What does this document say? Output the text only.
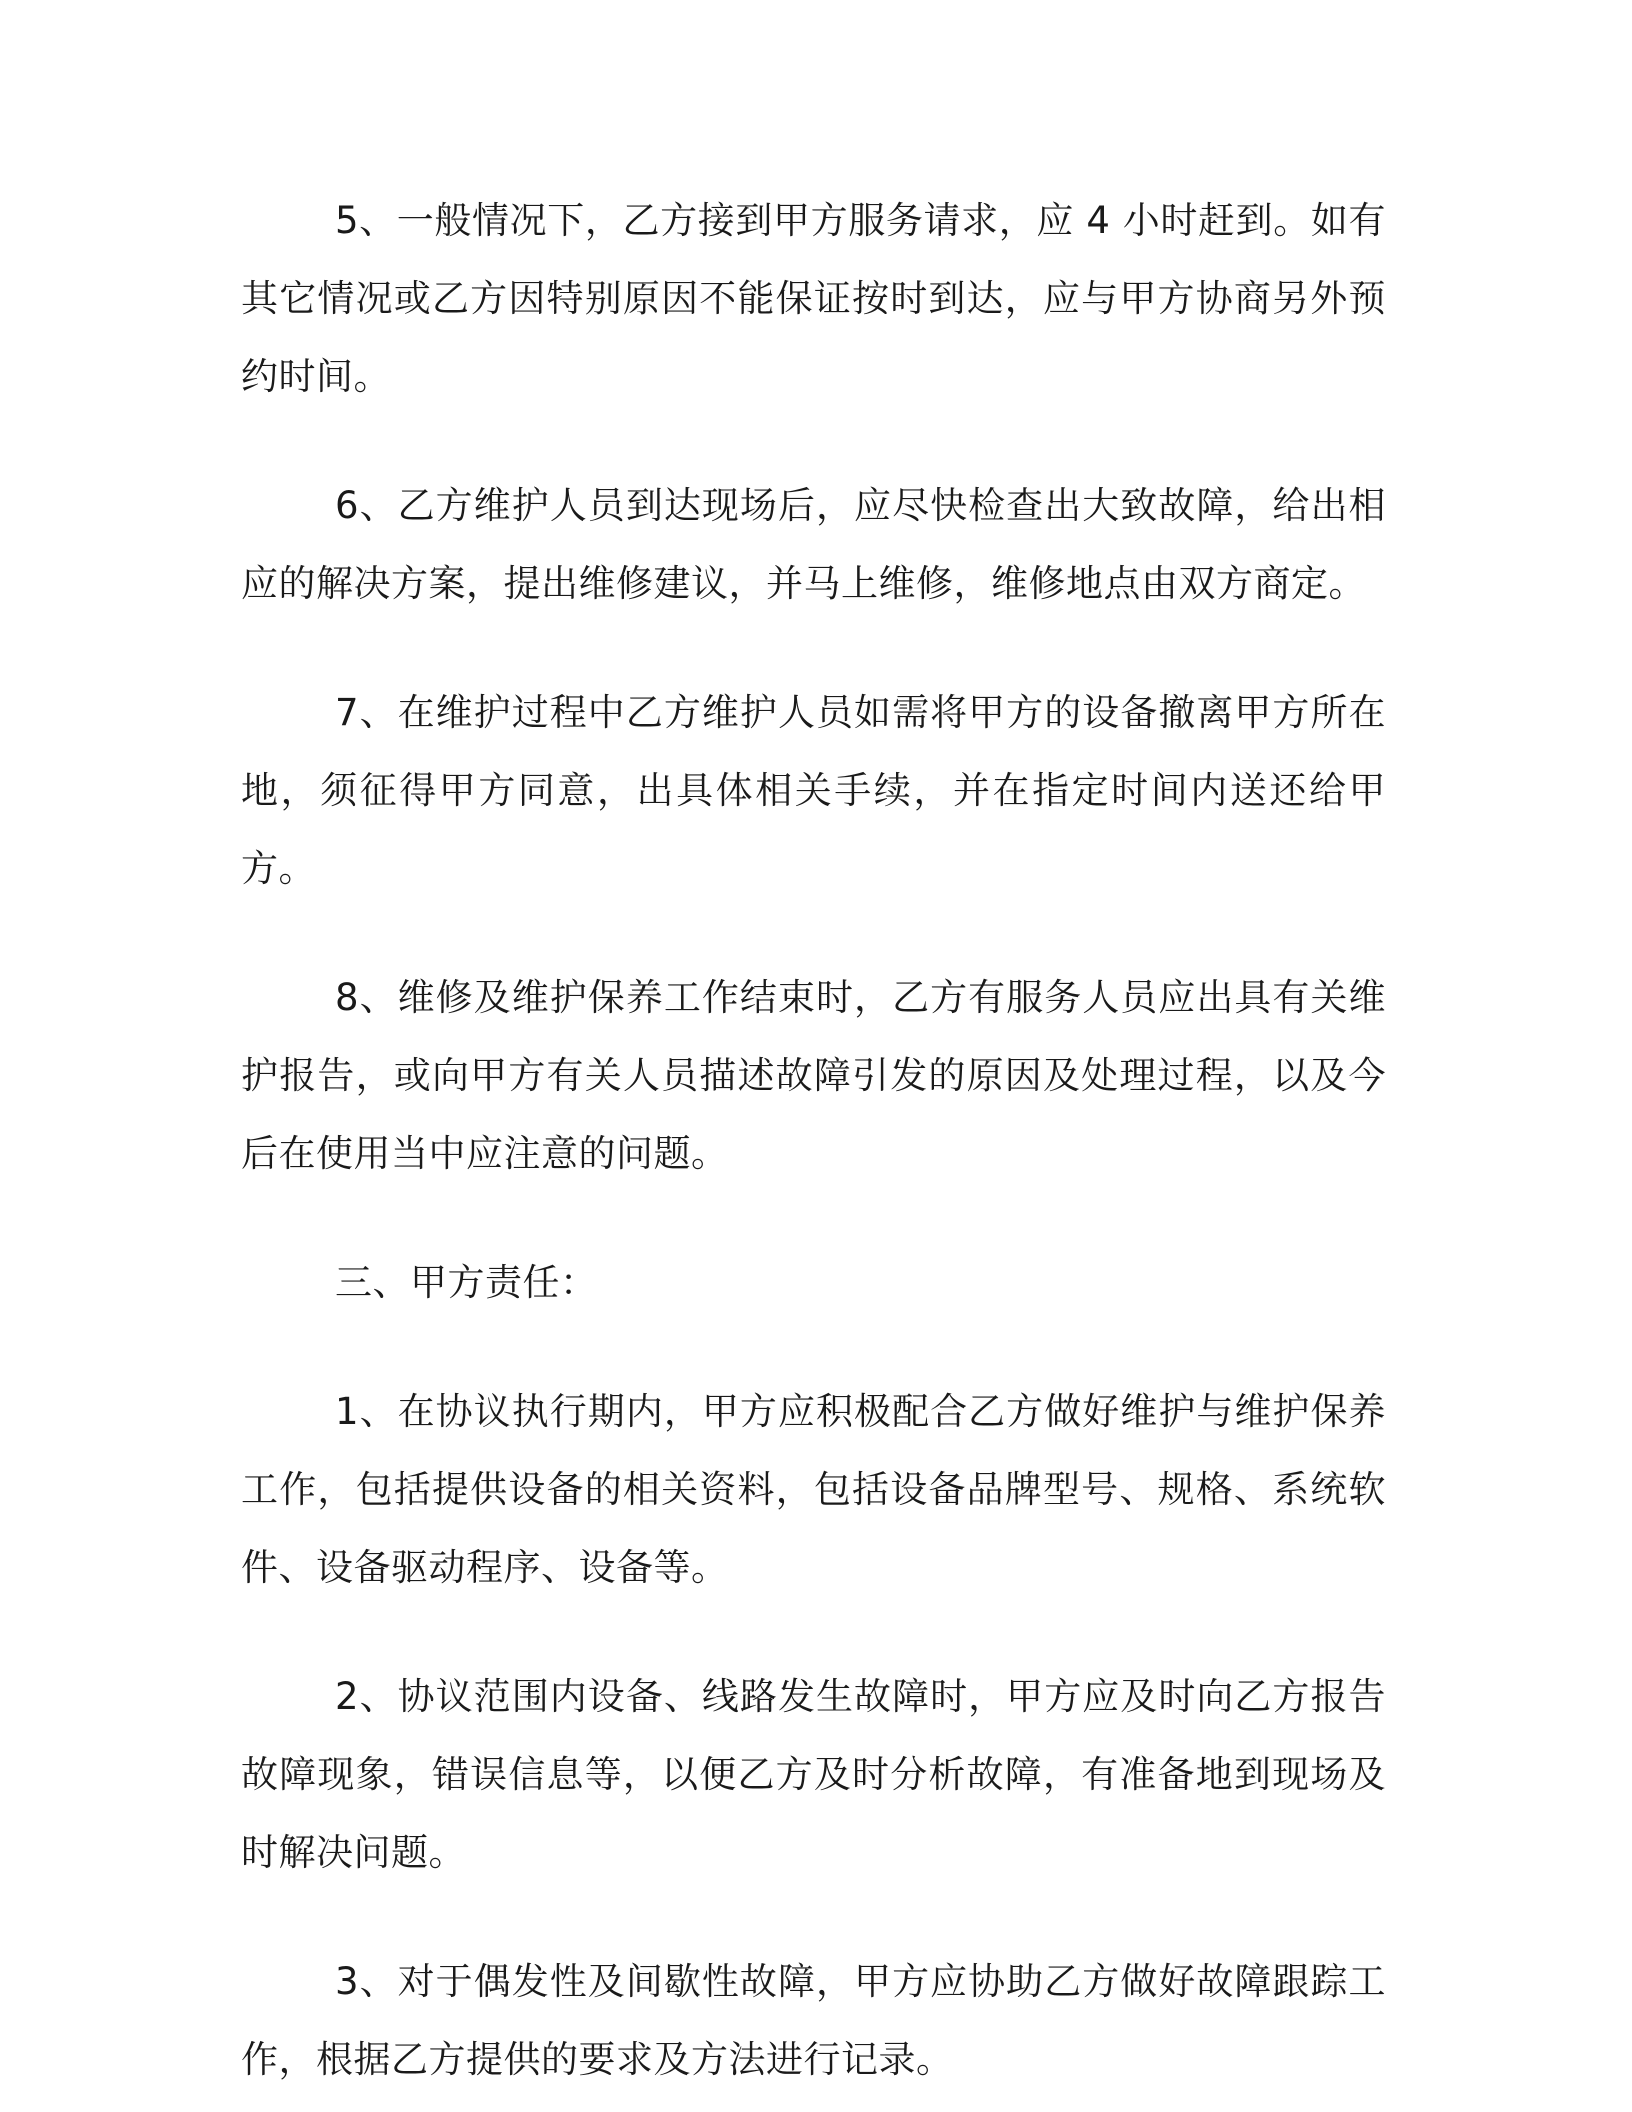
5、一般情况下，乙方接到甲方服务请求，应 4 小时赶到。如有其它情况或乙方因特别原因不能保证按时到达，应与甲方协商另外预约时间。

6、乙方维护人员到达现场后，应尽快检查出大致故障，给出相应的解决方案，提出维修建议，并马上维修，维修地点由双方商定。

7、在维护过程中乙方维护人员如需将甲方的设备撤离甲方所在地，须征得甲方同意，出具体相关手续，并在指定时间内送还给甲方。

8、维修及维护保养工作结束时，乙方有服务人员应出具有关维护报告，或向甲方有关人员描述故障引发的原因及处理过程，以及今后在使用当中应注意的问题。

三、甲方责任：

1、在协议执行期内，甲方应积极配合乙方做好维护与维护保养工作，包括提供设备的相关资料，包括设备品牌型号、规格、系统软件、设备驱动程序、设备等。

2、协议范围内设备、线路发生故障时，甲方应及时向乙方报告故障现象，错误信息等，以便乙方及时分析故障，有准备地到现场及时解决问题。

3、对于偶发性及间歇性故障，甲方应协助乙方做好故障跟踪工作，根据乙方提供的要求及方法进行记录。
